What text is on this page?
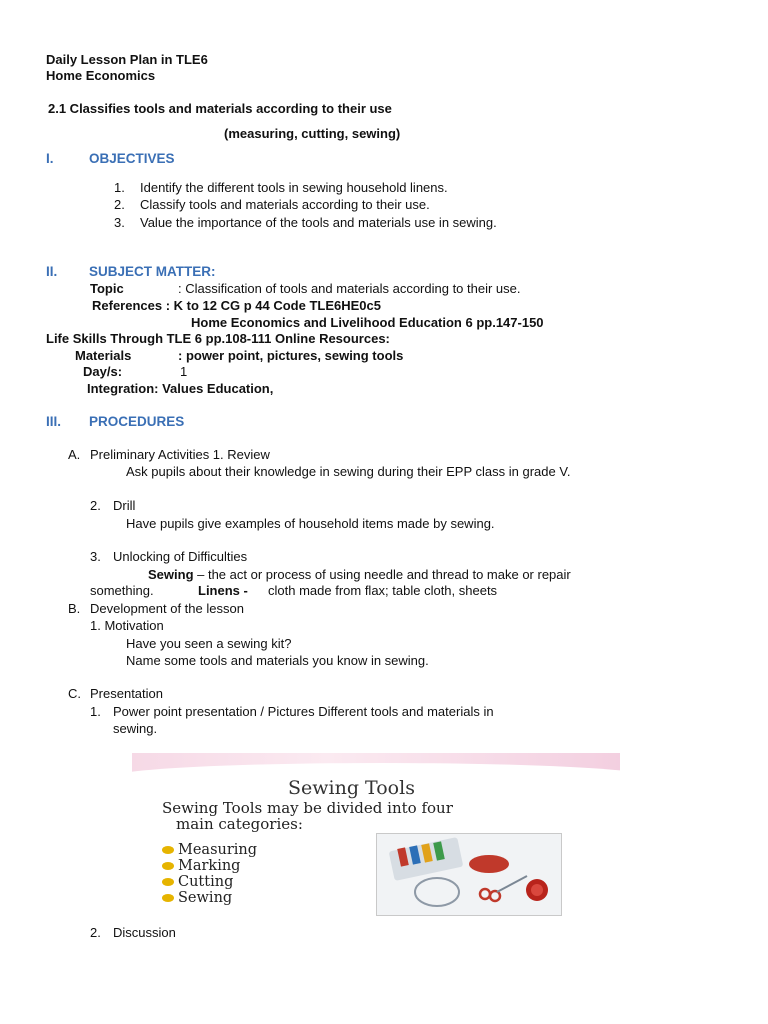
Daily Lesson Plan in TLE6
Home Economics
2.1 Classifies tools and materials according to their use
(measuring, cutting, sewing)
I.	OBJECTIVES
1. Identify the different tools in sewing household linens.
2. Classify tools and materials according to their use.
3. Value the importance of the tools and materials use in sewing.
II. SUBJECT MATTER:
Topic	: Classification of tools and materials according to their use.
References : K to 12 CG p 44 Code TLE6HE0c5
Home Economics and Livelihood Education 6 pp.147-150
Life Skills Through TLE 6 pp.108-111 Online Resources:
Materials	: power point, pictures, sewing tools
Day/s:	1
Integration: Values Education,
III. PROCEDURES
A. Preliminary Activities 1. Review
Ask pupils about their knowledge in sewing during their EPP class in grade V.
2. Drill
Have pupils give examples of household items made by sewing.
3. Unlocking of Difficulties
Sewing – the act or process of using needle and thread to make or repair
something.	Linens - cloth made from flax; table cloth, sheets
B. Development of the lesson
1. Motivation
Have you seen a sewing kit?
Name some tools and materials you know in sewing.
C. Presentation
1. Power point presentation / Pictures Different tools and materials in
sewing.
Sewing Tools
Sewing Tools may be divided into four
main categories:
Measuring
Marking
Cutting
Sewing
2. Discussion
